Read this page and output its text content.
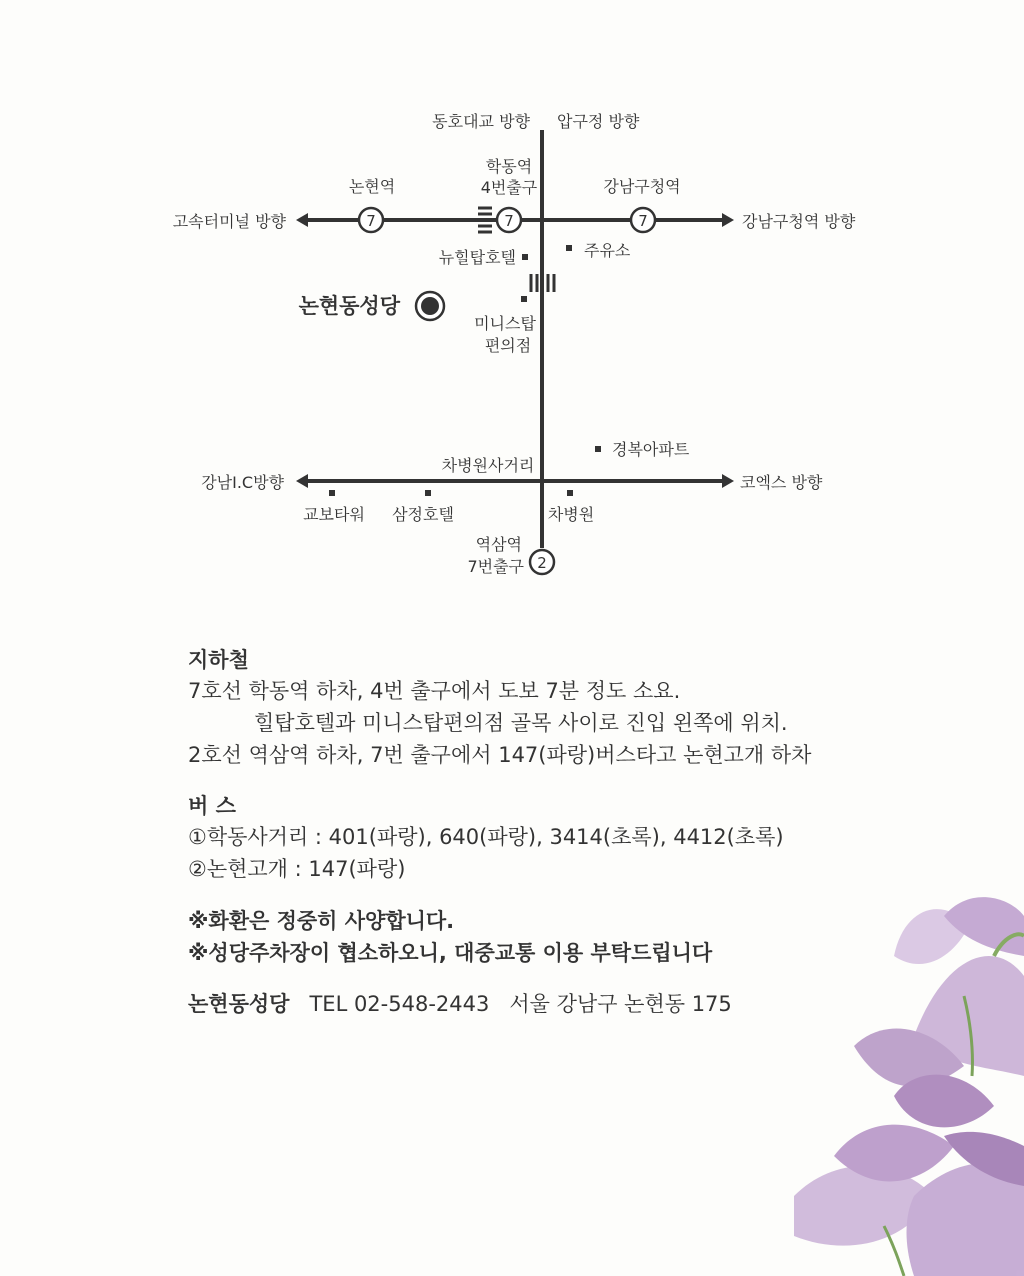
7	7	7
2
동호대교 방향 압구정 방향
고속터미널 방향	강남구청역 방향
강남I.C방향	코엑스 방향
논현역
학동역
4번출구	강남구청역
역삼역
7번출구
뉴힐탑호텔	주유소
미니스탑
편의점
차병원사거리
경복아파트
교보타워 삼정호텔	차병원
논현동성당

지하철

7호선 학동역 하차, 4번 출구에서 도보 7분 정도 소요.

힐탑호텔과 미니스탑편의점 골목 사이로 진입 왼쪽에 위치.

2호선 역삼역 하차, 7번 출구에서 147(파랑)버스타고 논현고개 하차

버 스

①학동사거리 : 401(파랑), 640(파랑), 3414(초록), 4412(초록)

②논현고개 : 147(파랑)

※화환은 정중히 사양합니다.

※성당주차장이 협소하오니, 대중교통 이용 부탁드립니다

논현동성당 TEL 02-548-2443 서울 강남구 논현동 175
